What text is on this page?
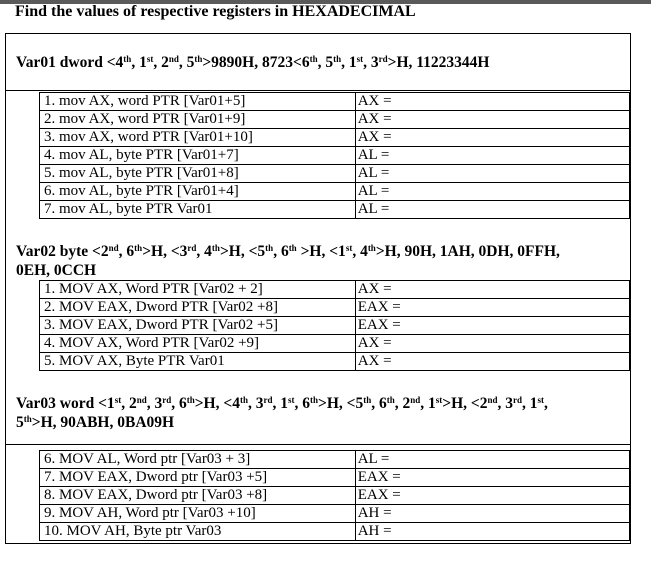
Find the values of respective registers in HEXADECIMAL
Var01 dword <4th, 1st, 2nd, 5th>9890H, 8723<6th, 5th, 1st, 3rd>H, 11223344H
1. mov AX, word PTR [Var01+5]	AX =
2. mov AX, word PTR [Var01+9]	AX =
3. mov AX, word PTR [Var01+10]	AX =
4. mov AL, byte PTR [Var01+7]	AL =
5. mov AL, byte PTR [Var01+8]	AL =
6. mov AL, byte PTR [Var01+4]	AL =
7. mov AL, byte PTR Var01	AL =
Var02 byte <2nd, 6th>H, <3rd, 4th>H, <5th, 6th >H, <1st, 4th>H, 90H, 1AH, 0DH, 0FFH,
0EH, 0CCH
1. MOV AX, Word PTR [Var02 + 2]	AX =
2. MOV EAX, Dword PTR [Var02 +8]	EAX =
3. MOV EAX, Dword PTR [Var02 +5]	EAX =
4. MOV AX, Word PTR [Var02 +9]	AX =
5. MOV AX, Byte PTR Var01	AX =
Var03 word <1st, 2nd, 3rd, 6th>H, <4th, 3rd, 1st, 6th>H, <5th, 6th, 2nd, 1st>H, <2nd, 3rd, 1st,
5th>H, 90ABH, 0BA09H
6. MOV AL, Word ptr [Var03 + 3]	AL =
7. MOV EAX, Dword ptr [Var03 +5]	EAX =
8. MOV EAX, Dword ptr [Var03 +8]	EAX =
9. MOV AH, Word ptr [Var03 +10]	AH =
10. MOV AH, Byte ptr Var03	AH =
